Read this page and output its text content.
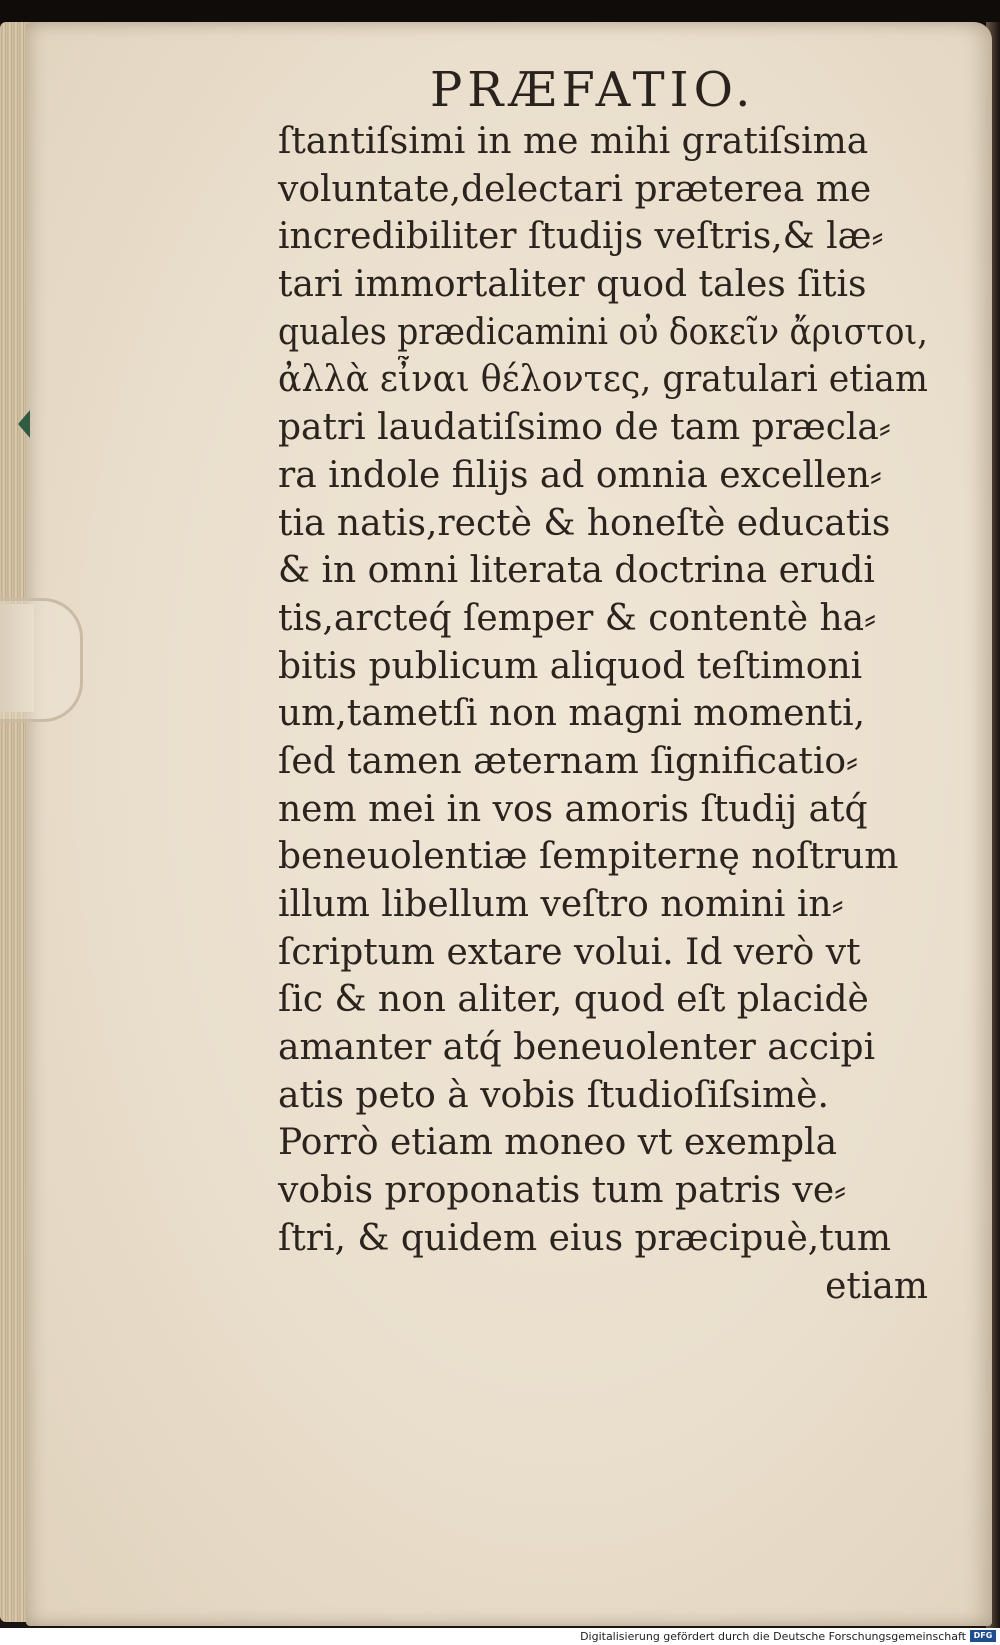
PRÆFATIO.
ſtantiſsimi in me mihi gratiſsima
voluntate,delectari præterea me
incredibiliter ſtudijs veſtris,& læ⸗
tari immortaliter quod tales ſitis
quales prædicamini οὐ δοκεῖν ἄριστοι,
ἀλλὰ εἶναι θέλοντες, gratulari etiam
patri laudatiſsimo de tam præcla⸗
ra indole filijs ad omnia excellen⸗
tia natis,rectè & honeſtè educatis
& in omni literata doctrina erudi
tis,arcteq́ ſemper & contentè ha⸗
bitis publicum aliquod teſtimoni
um,tametſi non magni momenti,
ſed tamen æternam ſignificatio⸗
nem mei in vos amoris ſtudij atq́
beneuolentiæ ſempiternę noſtrum
illum libellum veſtro nomini in⸗
ſcriptum extare volui. Id verò vt
ſic & non aliter, quod eſt placidè
amanter atq́ beneuolenter accipi
atis peto à vobis ſtudioſiſsimè.
Porrò etiam moneo vt exempla
vobis proponatis tum patris ve⸗
ſtri, & quidem eius præcipuè,tum
etiam
Digitalisierung gefördert durch die Deutsche Forschungsgemeinschaft DFG
